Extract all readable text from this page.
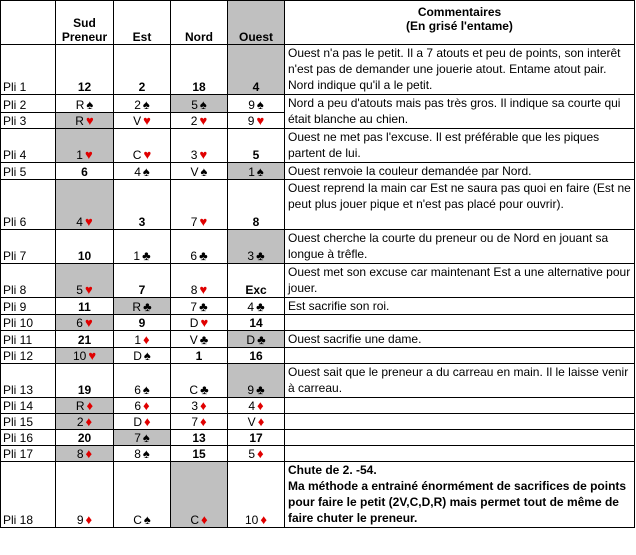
	Sud
Preneur	Est	Nord	Ouest	Commentaires
(En grisé l'entame)
Pli 1	12	2	18	4	Ouest n'a pas le petit. Il a 7 atouts et peu de points, son interêt n'est pas de demander une jouerie atout. Entame atout pair. Nord indique qu'il a le petit.
Pli 2	R ♠	2 ♠	5 ♠	9 ♠	Nord a peu d'atouts mais pas très gros. Il indique sa courte qui était blanche au chien.
Pli 3	R ♥	V ♥	2 ♥	9 ♥	
Pli 4	1 ♥	C ♥	3 ♥	5	Ouest ne met pas l'excuse. Il est préférable que les piques partent de lui.
Pli 5	6	4 ♠	V ♠	1 ♠	Ouest renvoie la couleur demandée par Nord.
Pli 6	4 ♥	3	7 ♥	8	Ouest reprend la main car Est ne saura pas quoi en faire (Est ne peut plus jouer pique et n'est pas placé pour ouvrir).
Pli 7	10	1 ♣	6 ♣	3 ♣	Ouest cherche la courte du preneur ou de Nord en jouant sa longue à trêfle.
Pli 8	5 ♥	7	8 ♥	Exc	Ouest met son excuse car maintenant Est a une alternative pour jouer.
Pli 9	11	R ♣	7 ♣	4 ♣	Est sacrifie son roi.
Pli 10	6 ♥	9	D ♥	14	
Pli 11	21	1 ♦	V ♣	D ♣	Ouest sacrifie une dame.
Pli 12	10 ♥	D ♠	1	16	
Pli 13	19	6 ♠	C ♣	9 ♣	Ouest sait que le preneur a du carreau en main. Il le laisse venir à carreau.
Pli 14	R ♦	6 ♦	3 ♦	4 ♦	
Pli 15	2 ♦	D ♦	7 ♦	V ♦	
Pli 16	20	7 ♠	13	17	
Pli 17	8 ♦	8 ♠	15	5 ♦	
Pli 18	9 ♦	C ♠	C ♦	10 ♦	Chute de 2. -54.
Ma méthode a entrainé énormément de sacrifices de points pour faire le petit (2V,C,D,R) mais permet tout de même de faire chuter le preneur.
